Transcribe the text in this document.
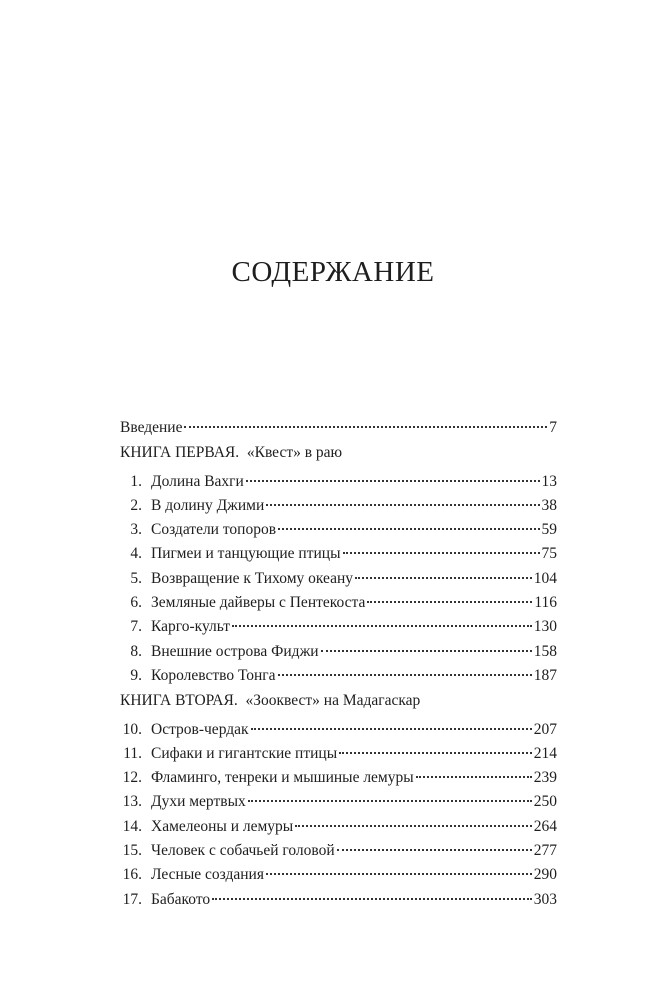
СОДЕРЖАНИЕ
Введение	7
КНИГА ПЕРВАЯ.  «Квест» в раю
1. Долина Вахги	13
2. В долину Джими	38
3. Создатели топоров	59
4. Пигмеи и танцующие птицы	75
5. Возвращение к Тихому океану	104
6. Земляные дайверы с Пентекоста	116
7. Карго-культ	130
8. Внешние острова Фиджи	158
9. Королевство Тонга	187
КНИГА ВТОРАЯ.  «Зооквест» на Мадагаскар
10. Остров-чердак	207
11. Сифаки и гигантские птицы	214
12. Фламинго, тенреки и мышиные лемуры	239
13. Духи мертвых	250
14. Хамелеоны и лемуры	264
15. Человек с собачьей головой	277
16. Лесные создания	290
17. Бабакото	303
